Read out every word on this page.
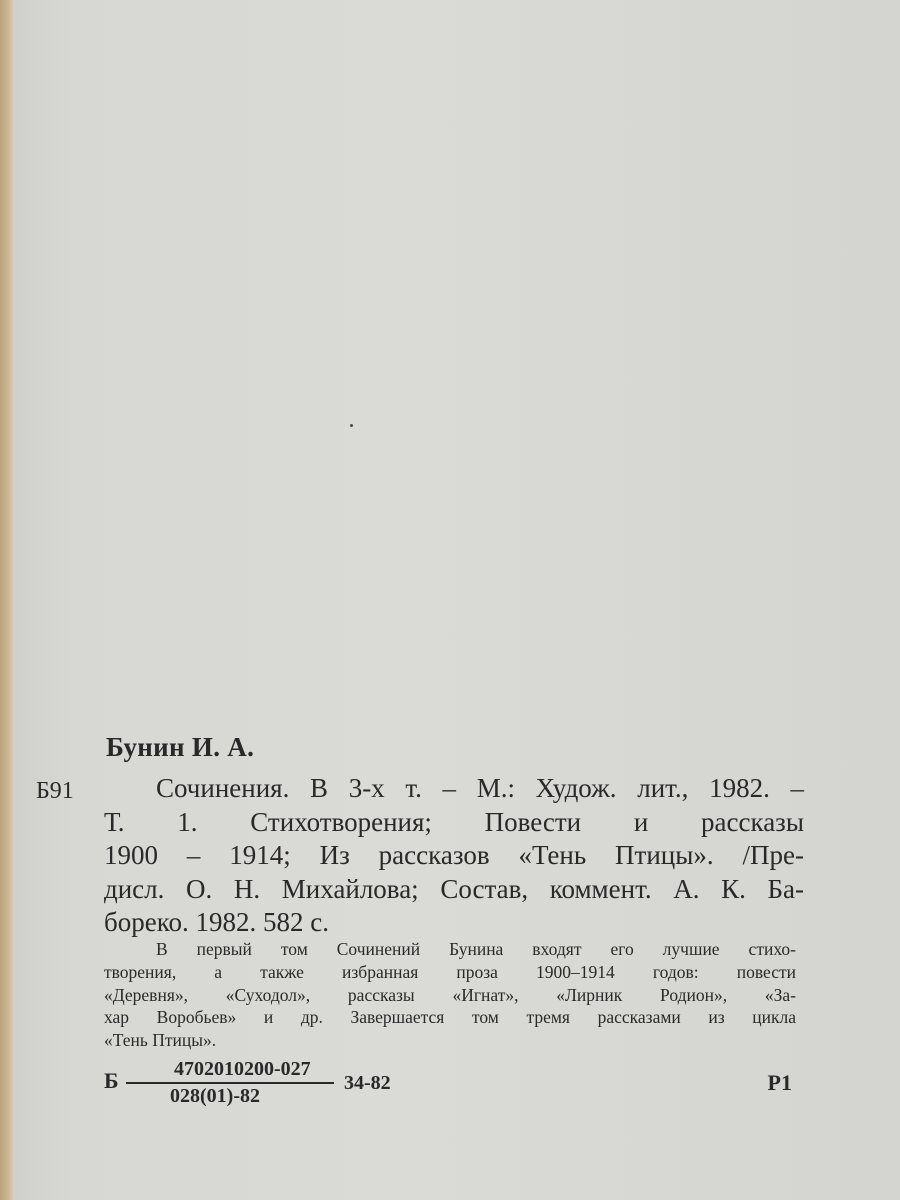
Бунин И. А.
Б91	Сочинения. В 3-х т. – М.: Худож. лит., 1982. –
Т. 1. Стихотворения; Повести и рассказы
1900 – 1914; Из рассказов «Тень Птицы». /Пре-
дисл. О. Н. Михайлова; Состав, коммент. А. К. Ба-
бореко. 1982. 582 с.
В первый том Сочинений Бунина входят его лучшие стихо-
творения, а также избранная проза 1900–1914 годов: повести
«Деревня», «Суходол», рассказы «Игнат», «Лирник Родион», «За-
хар Воробьев» и др. Завершается том тремя рассказами из цикла
«Тень Птицы».
Б	4702010200-027
028(01)-82
34-82	Р1
